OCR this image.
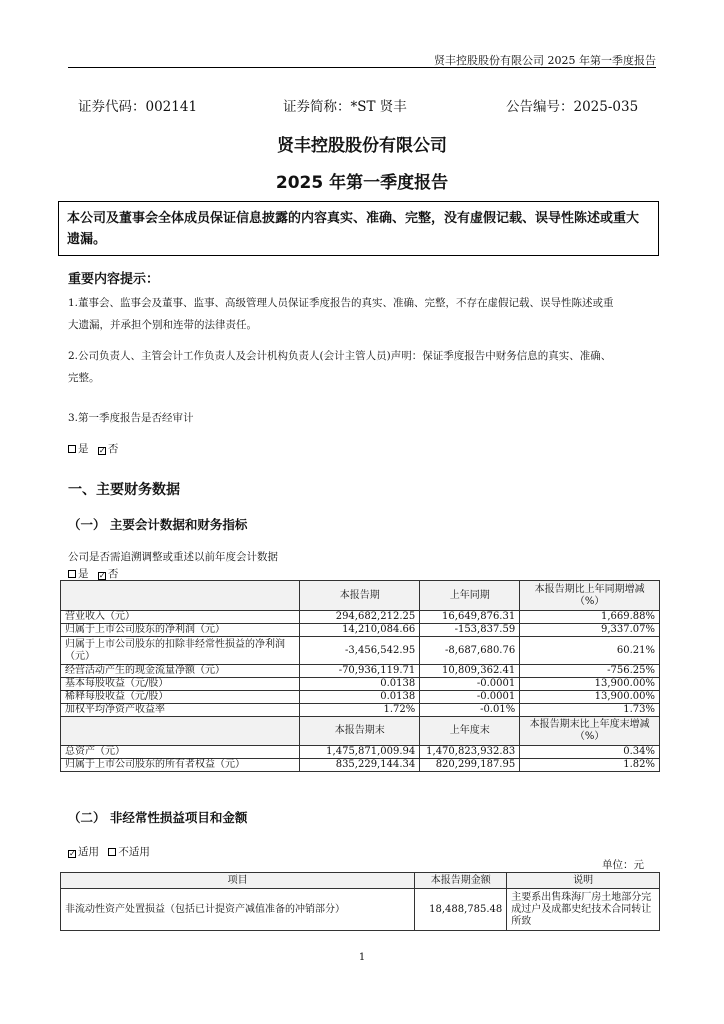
贤丰控股股份有限公司 2025 年第一季度报告
证券代码：002141	证券简称：*ST 贤丰	公告编号：2025-035
贤丰控股股份有限公司
2025 年第一季度报告
本公司及董事会全体成员保证信息披露的内容真实、准确、完整，没有虚假记载、误导性陈述或重大遗漏。
重要内容提示：
1.董事会、监事会及董事、监事、高级管理人员保证季度报告的真实、准确、完整，不存在虚假记载、误导性陈述或重
大遗漏，并承担个别和连带的法律责任。
2.公司负责人、主管会计工作负责人及会计机构负责人(会计主管人员)声明：保证季度报告中财务信息的真实、准确、
完整。
3.第一季度报告是否经审计
是 ✓ 否
一、主要财务数据
（一） 主要会计数据和财务指标
公司是否需追溯调整或重述以前年度会计数据
是 ✓ 否
	本报告期	上年同期	本报告期比上年同期增减（%）
营业收入（元）	294,682,212.25	16,649,876.31	1,669.88%
归属于上市公司股东的净利润（元）	14,210,084.66	-153,837.59	9,337.07%
归属于上市公司股东的扣除非经常性损益的净利润（元）	-3,456,542.95	-8,687,680.76	60.21%
经营活动产生的现金流量净额（元）	-70,936,119.71	10,809,362.41	-756.25%
基本每股收益（元/股）	0.0138	-0.0001	13,900.00%
稀释每股收益（元/股）	0.0138	-0.0001	13,900.00%
加权平均净资产收益率	1.72%	-0.01%	1.73%
	本报告期末	上年度末	本报告期末比上年度末增减（%）
总资产（元）	1,475,871,009.94	1,470,823,932.83	0.34%
归属于上市公司股东的所有者权益（元）	835,229,144.34	820,299,187.95	1.82%
（二） 非经常性损益项目和金额
✓ 适用 不适用
单位：元
项目	本报告期金额	说明
非流动性资产处置损益（包括已计提资产减值准备的冲销部分）	18,488,785.48	主要系出售珠海厂房土地部分完成过户及成都史纪技术合同转让所致
1
